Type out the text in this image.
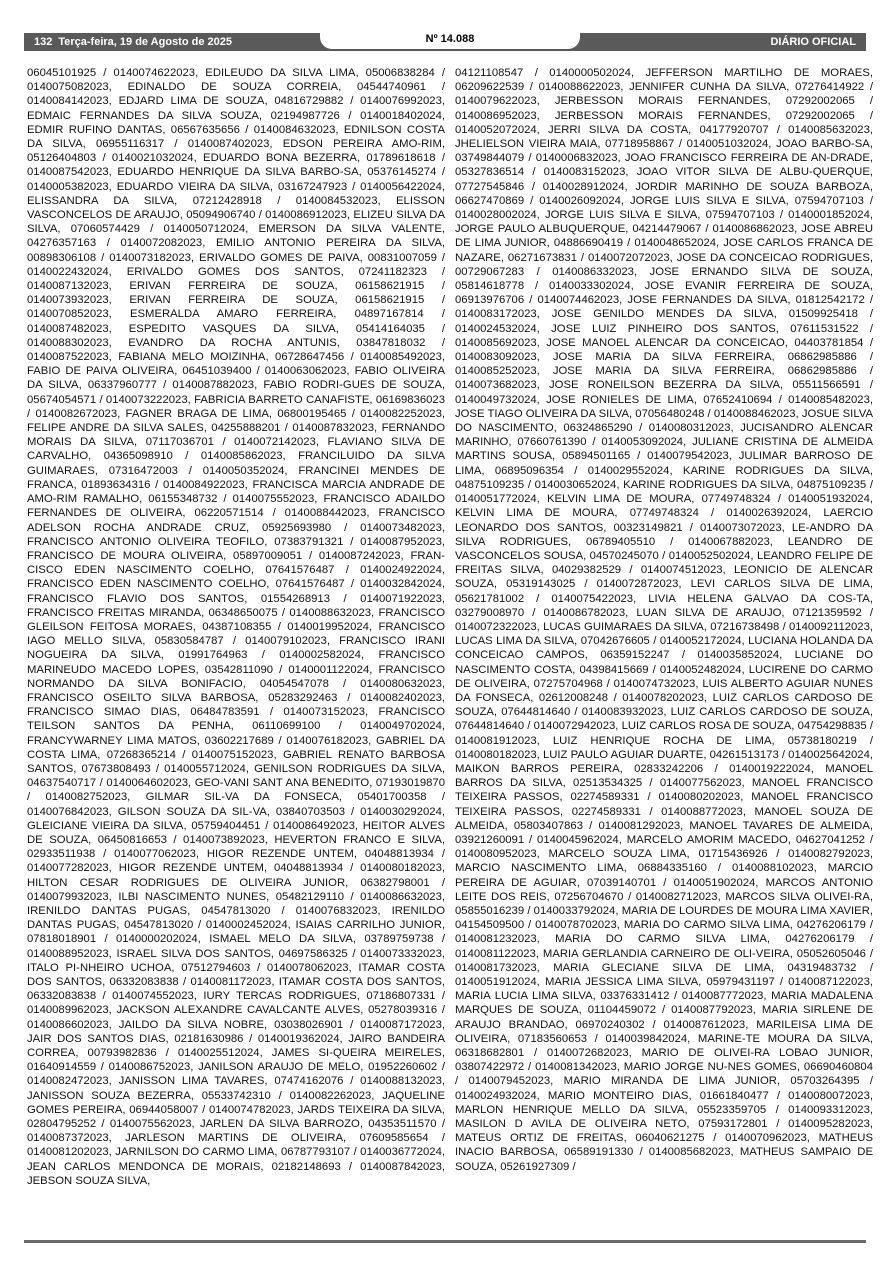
132 Terça-feira, 19 de Agosto de 2025	Nº 14.088	DIÁRIO OFICIAL
06045101925 / 0140074622023, EDILEUDO DA SILVA LIMA, 05006838284 / 0140075082023, EDINALDO DE SOUZA CORREIA, 04544740961 / 0140084142023, EDJARD LIMA DE SOUZA, 04816729882 / 0140076992023, EDMAIC FERNANDES DA SILVA SOUZA, 02194987726 / 0140018402024, EDMIR RUFINO DANTAS, 06567635656 / 0140084632023, EDNILSON COSTA DA SILVA, 06955116317 / 0140087402023, EDSON PEREIRA AMO-RIM, 05126404803 / 0140021032024, EDUARDO BONA BEZERRA, 01789618618 / 0140087542023, EDUARDO HENRIQUE DA SILVA BARBO-SA, 05376145274 / 0140005382023, EDUARDO VIEIRA DA SILVA, 03167247923 / 0140056422024, ELISSANDRA DA SILVA, 07212428918 / 0140084532023, ELISSON VASCONCELOS DE ARAUJO, 05094906740 / 0140086912023, ELIZEU SILVA DA SILVA, 07060574429 / 0140050712024, EMERSON DA SILVA VALENTE, 04276357163 / 0140072082023, EMILIO ANTONIO PEREIRA DA SILVA, 00898306108 / 0140073182023, ERIVALDO GOMES DE PAIVA, 00831007059 / 0140022432024, ERIVALDO GOMES DOS SANTOS, 07241182323 / 0140087132023, ERIVAN FERREIRA DE SOUZA, 06158621915 / 0140073932023, ERIVAN FERREIRA DE SOUZA, 06158621915 / 0140070852023, ESMERALDA AMARO FERREIRA, 04897167814 / 0140087482023, ESPEDITO VASQUES DA SILVA, 05414164035 / 0140088302023, EVANDRO DA ROCHA ANTUNIS, 03847818032 / 0140087522023, FABIANA MELO MOIZINHA, 06728647456 / 0140085492023, FABIO DE PAIVA OLIVEIRA, 06451039400 / 0140063062023, FABIO OLIVEIRA DA SILVA, 06337960777 / 0140087882023, FABIO RODRI-GUES DE SOUZA, 05674054571 / 0140073222023, FABRICIA BARRETO CANAFISTE, 06169836023 / 0140082672023, FAGNER BRAGA DE LIMA, 06800195465 / 0140082252023, FELIPE ANDRE DA SILVA SALES, 04255888201 / 0140087832023, FERNANDO MORAIS DA SILVA, 07117036701 / 0140072142023, FLAVIANO SILVA DE CARVALHO, 04365098910 / 0140085862023, FRANCILUIDO DA SILVA GUIMARAES, 07316472003 / 0140050352024, FRANCINEI MENDES DE FRANCA, 01893634316 / 0140084922023, FRANCISCA MARCIA ANDRADE DE AMO-RIM RAMALHO, 06155348732 / 0140075552023, FRANCISCO ADAILDO FERNANDES DE OLIVEIRA, 06220571514 / 0140088442023, FRANCISCO ADELSON ROCHA ANDRADE CRUZ, 05925693980 / 0140073482023, FRANCISCO ANTONIO OLIVEIRA TEOFILO, 07383791321 / 0140087952023, FRANCISCO DE MOURA OLIVEIRA, 05897009051 / 0140087242023, FRAN-CISCO EDEN NASCIMENTO COELHO, 07641576487 / 0140024922024, FRANCISCO EDEN NASCIMENTO COELHO, 07641576487 / 0140032842024, FRANCISCO FLAVIO DOS SANTOS, 01554268913 / 0140071922023, FRANCISCO FREITAS MIRANDA, 06348650075 / 0140088632023, FRANCISCO GLEILSON FEITOSA MORAES, 04387108355 / 0140019952024, FRANCISCO IAGO MELLO SILVA, 05830584787 / 0140079102023, FRANCISCO IRANI NOGUEIRA DA SILVA, 01991764963 / 0140002582024, FRANCISCO MARINEUDO MACEDO LOPES, 03542811090 / 0140001122024, FRANCISCO NORMANDO DA SILVA BONIFACIO, 04054547078 / 0140080632023, FRANCISCO OSEILTO SILVA BARBOSA, 05283292463 / 0140082402023, FRANCISCO SIMAO DIAS, 06484783591 / 0140073152023, FRANCISCO TEILSON SANTOS DA PENHA, 06110699100 / 0140049702024, FRANCYWARNEY LIMA MATOS, 03602217689 / 0140076182023, GABRIEL DA COSTA LIMA, 07268365214 / 0140075152023, GABRIEL RENATO BARBOSA SANTOS, 07673808493 / 0140055712024, GENILSON RODRIGUES DA SILVA, 04637540717 / 0140064602023, GEO-VANI SANT ANA BENEDITO, 07193019870 / 0140082752023, GILMAR SIL-VA DA FONSECA, 05401700358 / 0140076842023, GILSON SOUZA DA SIL-VA, 03840703503 / 0140030292024, GLEICIANE VIEIRA DA SILVA, 05759404451 / 0140086492023, HEITOR ALVES DE SOUZA, 06450816653 / 0140073892023, HEVERTON FRANCO E SILVA, 02933511938 / 0140077062023, HIGOR REZENDE UNTEM, 04048813934 / 0140077282023, HIGOR REZENDE UNTEM, 04048813934 / 0140080182023, HILTON CESAR RODRIGUES DE OLIVEIRA JUNIOR, 06382798001 / 0140079932023, ILBI NASCIMENTO NUNES, 05482129110 / 0140086632023, IRENILDO DANTAS PUGAS, 04547813020 / 0140076832023, IRENILDO DANTAS PUGAS, 04547813020 / 0140002452024, ISAIAS CARRILHO JUNIOR, 07818018901 / 0140000202024, ISMAEL MELO DA SILVA, 03789759738 / 0140088952023, ISRAEL SILVA DOS SANTOS, 04697586325 / 0140073332023, ITALO PI-NHEIRO UCHOA, 07512794603 / 0140078062023, ITAMAR COSTA DOS SANTOS, 06332083838 / 0140081172023, ITAMAR COSTA DOS SANTOS, 06332083838 / 0140074552023, IURY TERCAS RODRIGUES, 07186807331 / 0140089962023, JACKSON ALEXANDRE CAVALCANTE ALVES, 05278039316 / 0140086602023, JAILDO DA SILVA NOBRE, 03038026901 / 0140087172023, JAIR DOS SANTOS DIAS, 02181630986 / 0140019362024, JAIRO BANDEIRA CORREA, 00793982836 / 0140025512024, JAMES SI-QUEIRA MEIRELES, 01640914559 / 0140086752023, JANILSON ARAUJO DE MELO, 01952260602 / 0140082472023, JANISSON LIMA TAVARES, 07474162076 / 0140088132023, JANISSON SOUZA BEZERRA, 05533742310 / 0140082262023, JAQUELINE GOMES PEREIRA, 06944058007 / 0140074782023, JARDS TEIXEIRA DA SILVA, 02804795252 / 0140075562023, JARLEN DA SILVA BARROZO, 04353511570 / 0140087372023, JARLESON MARTINS DE OLIVEIRA, 07609585654 / 0140081202023, JARNILSON DO CARMO LIMA, 06787793107 / 0140036772024, JEAN CARLOS MENDONCA DE MORAIS, 02182148693 / 0140087842023, JEBSON SOUZA SILVA,
04121108547 / 0140000502024, JEFFERSON MARTILHO DE MORAES, 06209622539 / 0140088622023, JENNIFER CUNHA DA SILVA, 07276414922 / 0140079622023, JERBESSON MORAIS FERNANDES, 07292002065 / 0140086952023, JERBESSON MORAIS FERNANDES, 07292002065 / 0140052072024, JERRI SILVA DA COSTA, 04177920707 / 0140085632023, JHELIELSON VIEIRA MAIA, 07718958867 / 0140051032024, JOAO BARBO-SA, 03749844079 / 0140006832023, JOAO FRANCISCO FERREIRA DE AN-DRADE, 05327836514 / 0140083152023, JOAO VITOR SILVA DE ALBU-QUERQUE, 07727545846 / 0140028912024, JORDIR MARINHO DE SOUZA BARBOZA, 06627470869 / 0140026092024, JORGE LUIS SILVA E SILVA, 07594707103 / 0140028002024, JORGE LUIS SILVA E SILVA, 07594707103 / 0140001852024, JORGE PAULO ALBUQUERQUE, 04214479067 / 0140086862023, JOSE ABREU DE LIMA JUNIOR, 04886690419 / 0140048652024, JOSE CARLOS FRANCA DE NAZARE, 06271673831 / 0140072072023, JOSE DA CONCEICAO RODRIGUES, 00729067283 / 0140086332023, JOSE ERNANDO SILVA DE SOUZA, 05814618778 / 0140033302024, JOSE EVANIR FERREIRA DE SOUZA, 06913976706 / 0140074462023, JOSE FERNANDES DA SILVA, 01812542172 / 0140083172023, JOSE GENILDO MENDES DA SILVA, 01509925418 / 0140024532024, JOSE LUIZ PINHEIRO DOS SANTOS, 07611531522 / 0140085692023, JOSE MANOEL ALENCAR DA CONCEICAO, 04403781854 / 0140083092023, JOSE MARIA DA SILVA FERREIRA, 06862985886 / 0140085252023, JOSE MARIA DA SILVA FERREIRA, 06862985886 / 0140073682023, JOSE RONEILSON BEZERRA DA SILVA, 05511566591 / 0140049732024, JOSE RONIELES DE LIMA, 07652410694 / 0140085482023, JOSE TIAGO OLIVEIRA DA SILVA, 07056480248 / 0140088462023, JOSUE SILVA DO NASCIMENTO, 06324865290 / 0140080312023, JUCISANDRO ALENCAR MARINHO, 07660761390 / 0140053092024, JULIANE CRISTINA DE ALMEIDA MARTINS SOUSA, 05894501165 / 0140079542023, JULIMAR BARROSO DE LIMA, 06895096354 / 0140029552024, KARINE RODRIGUES DA SILVA, 04875109235 / 0140030652024, KARINE RODRIGUES DA SILVA, 04875109235 / 0140051772024, KELVIN LIMA DE MOURA, 07749748324 / 0140051932024, KELVIN LIMA DE MOURA, 07749748324 / 0140026392024, LAERCIO LEONARDO DOS SANTOS, 00323149821 / 0140073072023, LE-ANDRO DA SILVA RODRIGUES, 06789405510 / 0140067882023, LEANDRO DE VASCONCELOS SOUSA, 04570245070 / 0140052502024, LEANDRO FELIPE DE FREITAS SILVA, 04029382529 / 0140074512023, LEONICIO DE ALENCAR SOUZA, 05319143025 / 0140072872023, LEVI CARLOS SILVA DE LIMA, 05621781002 / 0140075422023, LIVIA HELENA GALVAO DA COS-TA, 03279008970 / 0140086782023, LUAN SILVA DE ARAUJO, 07121359592 / 0140072322023, LUCAS GUIMARAES DA SILVA, 07216738498 / 0140092112023, LUCAS LIMA DA SILVA, 07042676605 / 0140052172024, LUCIANA HOLANDA DA CONCEICAO CAMPOS, 06359152247 / 0140035852024, LUCIANE DO NASCIMENTO COSTA, 04398415669 / 0140052482024, LUCIRENE DO CARMO DE OLIVEIRA, 07275704968 / 0140074732023, LUIS ALBERTO AGUIAR NUNES DA FONSECA, 02612008248 / 0140078202023, LUIZ CARLOS CARDOSO DE SOUZA, 07644814640 / 0140083932023, LUIZ CARLOS CARDOSO DE SOUZA, 07644814640 / 0140072942023, LUIZ CARLOS ROSA DE SOUZA, 04754298835 / 0140081912023, LUIZ HENRIQUE ROCHA DE LIMA, 05738180219 / 0140080182023, LUIZ PAULO AGUIAR DUARTE, 04261513173 / 0140025642024, MAIKON BARROS PEREIRA, 02833242206 / 0140019222024, MANOEL BARROS DA SILVA, 02513534325 / 0140077562023, MANOEL FRANCISCO TEIXEIRA PASSOS, 02274589331 / 0140080202023, MANOEL FRANCISCO TEIXEIRA PASSOS, 02274589331 / 0140088772023, MANOEL SOUZA DE ALMEIDA, 05803407863 / 0140081292023, MANOEL TAVARES DE ALMEIDA, 03921260091 / 0140045962024, MARCELO AMORIM MACEDO, 04627041252 / 0140080952023, MARCELO SOUZA LIMA, 01715436926 / 0140082792023, MARCIO NASCIMENTO LIMA, 06884335160 / 0140088102023, MARCIO PEREIRA DE AGUIAR, 07039140701 / 0140051902024, MARCOS ANTONIO LEITE DOS REIS, 07256704670 / 0140082712023, MARCOS SILVA OLIVEI-RA, 05855016239 / 0140033792024, MARIA DE LOURDES DE MOURA LIMA XAVIER, 04154509500 / 0140078702023, MARIA DO CARMO SILVA LIMA, 04276206179 / 0140081232023, MARIA DO CARMO SILVA LIMA, 04276206179 / 0140081122023, MARIA GERLANDIA CARNEIRO DE OLI-VEIRA, 05052605046 / 0140081732023, MARIA GLECIANE SILVA DE LIMA, 04319483732 / 0140051912024, MARIA JESSICA LIMA SILVA, 05979431197 / 0140087122023, MARIA LUCIA LIMA SILVA, 03376331412 / 0140087772023, MARIA MADALENA MARQUES DE SOUZA, 01104459072 / 0140087792023, MARIA SIRLENE DE ARAUJO BRANDAO, 06970240302 / 0140087612023, MARILEISA LIMA DE OLIVEIRA, 07183560653 / 0140039842024, MARINE-TE MOURA DA SILVA, 06318682801 / 0140072682023, MARIO DE OLIVEI-RA LOBAO JUNIOR, 03807422972 / 0140081342023, MARIO JORGE NU-NES GOMES, 06690460804 / 0140079452023, MARIO MIRANDA DE LIMA JUNIOR, 05703264395 / 0140024932024, MARIO MONTEIRO DIAS, 01661840477 / 0140080072023, MARLON HENRIQUE MELLO DA SILVA, 05523359705 / 0140093312023, MASILON D AVILA DE OLIVEIRA NETO, 07593172801 / 0140095282023, MATEUS ORTIZ DE FREITAS, 06040621275 / 0140070962023, MATHEUS INACIO BARBOSA, 06589191330 / 0140085682023, MATHEUS SAMPAIO DE SOUZA, 05261927309 /
